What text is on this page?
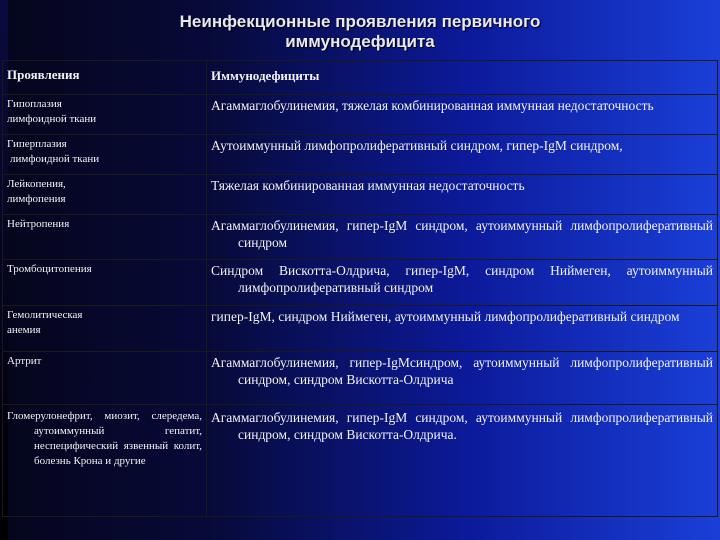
Неинфекционные проявления первичного
иммунодефицита
Проявления	Иммунодефициты

Гипоплазия
лимфоидной ткани	Агаммаглобулинемия, тяжелая комбинированная иммунная недостаточность

Гиперплазия
лимфоидной ткани	Аутоиммунный лимфопролиферативный синдром, гипер-IgM синдром,

Лейкопения,
лимфопения	Тяжелая комбинированная иммунная недостаточность

Нейтропения	Агаммаглобулинемия, гипер-IgM синдром, аутоиммунный лимфопролиферативный синдром

Тромбоцитопения	Синдром Вискотта-Олдрича, гипер-IgM, синдром Ниймеген, аутоиммунный лимфопролиферативный синдром

Гемолитическая
анемия	гипер-IgM, синдром Ниймеген, аутоиммунный лимфопролиферативный синдром

Артрит	Агаммаглобулинемия, гипер-IgMсиндром, аутоиммунный лимфопролиферативный синдром, синдром Вискотта-Олдрича

Гломерулонефрит, миозит, слередема, аутоиммунный гепатит, неспецифический язвенный колит, болезнь Крона и другие	Агаммаглобулинемия, гипер-IgM синдром, аутоиммунный лимфопролиферативный синдром, синдром Вискотта-Олдрича.
